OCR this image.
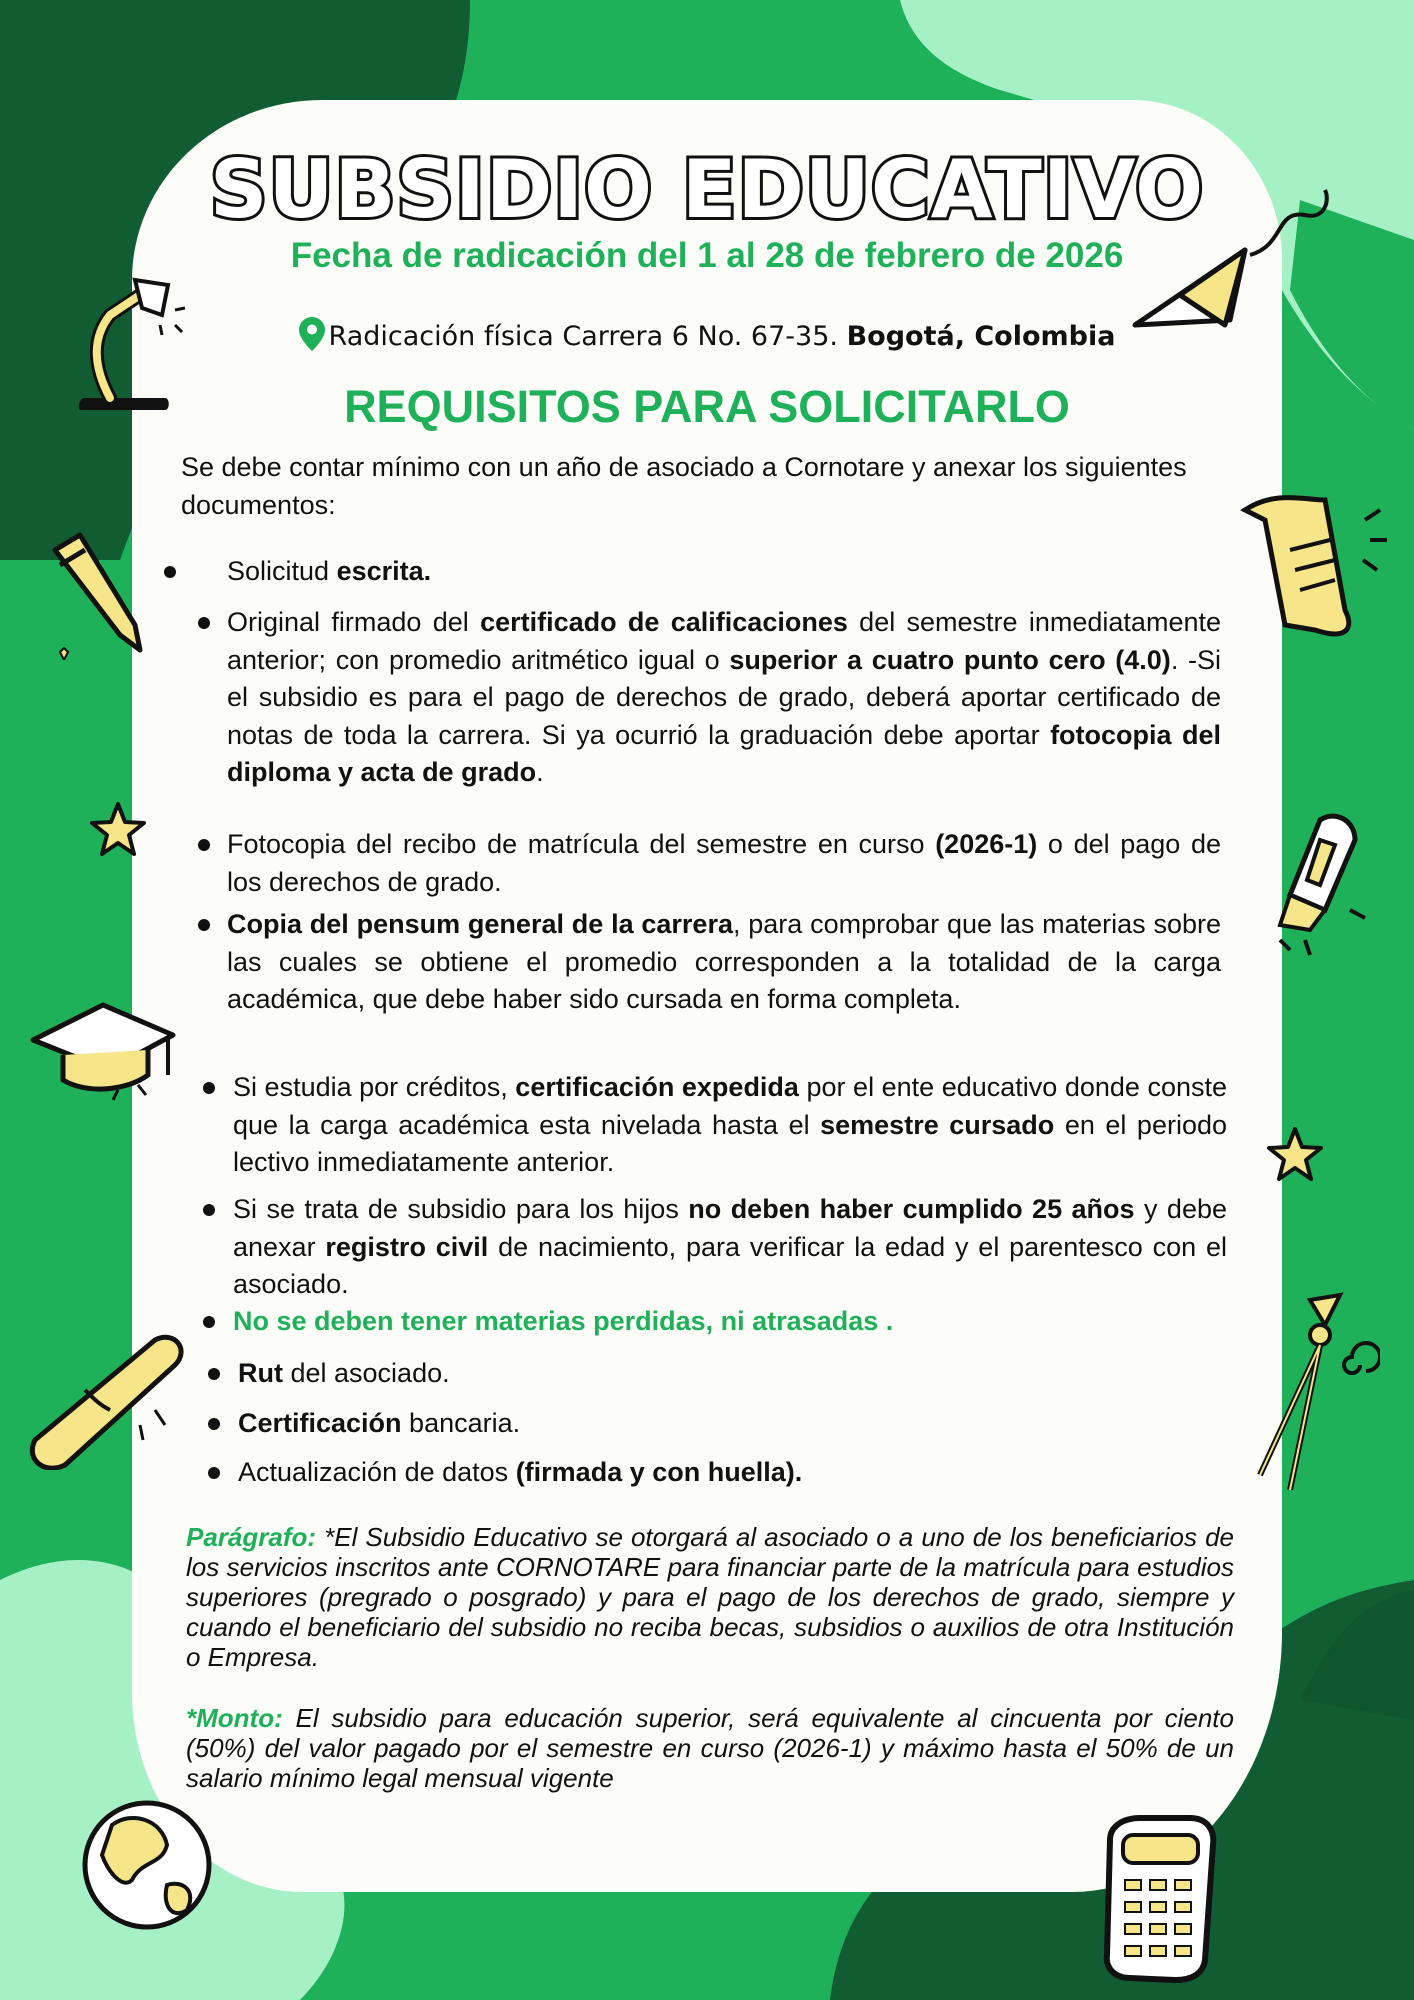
SUBSIDIO EDUCATIVO
Fecha de radicación del 1 al 28 de febrero de 2026
Radicación física Carrera 6 No. 67-35. Bogotá, Colombia
REQUISITOS PARA SOLICITARLO
Se debe contar mínimo con un año de asociado a Cornotare y anexar los siguientes documentos:
Solicitud escrita.
Original firmado del certificado de calificaciones del semestre inmediatamente anterior; con promedio aritmético igual o superior a cuatro punto cero (4.0). -Si el subsidio es para el pago de derechos de grado, deberá aportar certificado de notas de toda la carrera. Si ya ocurrió la graduación debe aportar fotocopia del diploma y acta de grado.
Fotocopia del recibo de matrícula del semestre en curso (2026-1) o del pago de los derechos de grado.
Copia del pensum general de la carrera, para comprobar que las materias sobre las cuales se obtiene el promedio corresponden a la totalidad de la carga académica, que debe haber sido cursada en forma completa.
Si estudia por créditos, certificación expedida por el ente educativo donde conste que la carga académica esta nivelada hasta el semestre cursado en el periodo lectivo inmediatamente anterior.
Si se trata de subsidio para los hijos no deben haber cumplido 25 años y debe anexar registro civil de nacimiento, para verificar la edad y el parentesco con el asociado.
No se deben tener materias perdidas, ni atrasadas .
Rut del asociado.
Certificación bancaria.
Actualización de datos (firmada y con huella).
Parágrafo: *El Subsidio Educativo se otorgará al asociado o a uno de los beneficiarios de los servicios inscritos ante CORNOTARE para financiar parte de la matrícula para estudios superiores (pregrado o posgrado) y para el pago de los derechos de grado, siempre y cuando el beneficiario del subsidio no reciba becas, subsidios o auxilios de otra Institución o Empresa.
*Monto: El subsidio para educación superior, será equivalente al cincuenta por ciento (50%) del valor pagado por el semestre en curso (2026-1) y máximo hasta el 50% de un salario mínimo legal mensual vigente
